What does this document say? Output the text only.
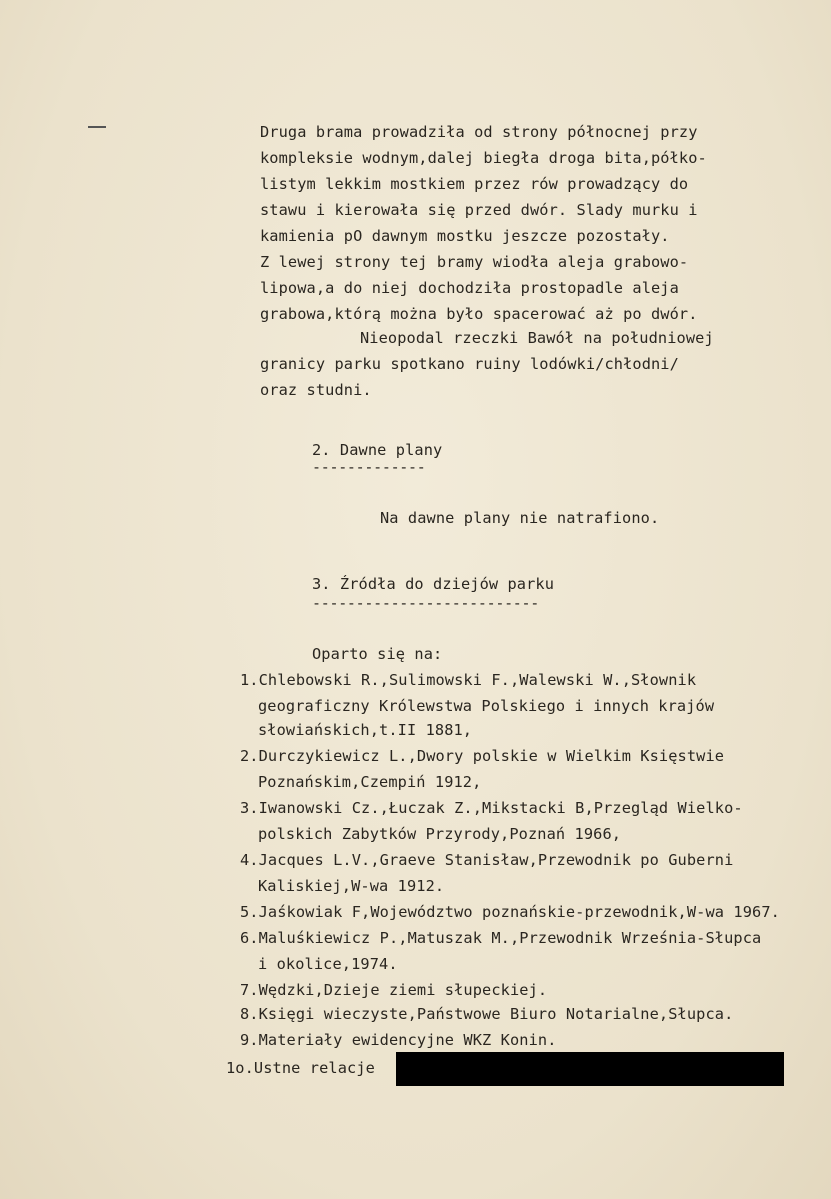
Druga brama prowadziła od strony północnej przy
kompleksie wodnym,dalej biegła droga bita,półko-
listym lekkim mostkiem przez rów prowadzący do
stawu i kierowała się przed dwór. Slady murku i
kamienia pO dawnym mostku jeszcze pozostały.
Z lewej strony tej bramy wiodła aleja grabowo-
lipowa,a do niej dochodziła prostopadle aleja
grabowa,którą można było spacerować aż po dwór.
Nieopodal rzeczki Bawół na południowej
granicy parku spotkano ruiny lodówki/chłodni/
oraz studni.
2. Dawne plany
-------------
Na dawne plany nie natrafiono.
3. Źródła do dziejów parku
--------------------------
Oparto się na:
1.Chlebowski R.,Sulimowski F.,Walewski W.,Słownik
geograficzny Królewstwa Polskiego i innych krajów
słowiańskich,t.II 1881,
2.Durczykiewicz L.,Dwory polskie w Wielkim Księstwie
Poznańskim,Czempiń 1912,
3.Iwanowski Cz.,Łuczak Z.,Mikstacki B,Przegląd Wielko-
polskich Zabytków Przyrody,Poznań 1966,
4.Jacques L.V.,Graeve Stanisław,Przewodnik po Guberni
Kaliskiej,W-wa 1912.
5.Jaśkowiak F,Województwo poznańskie-przewodnik,W-wa 1967.
6.Maluśkiewicz P.,Matuszak M.,Przewodnik Września-Słupca
i okolice,1974.
7.Wędzki,Dzieje ziemi słupeckiej.
8.Księgi wieczyste,Państwowe Biuro Notarialne,Słupca.
9.Materiały ewidencyjne WKZ Konin.
1o.Ustne relacje
